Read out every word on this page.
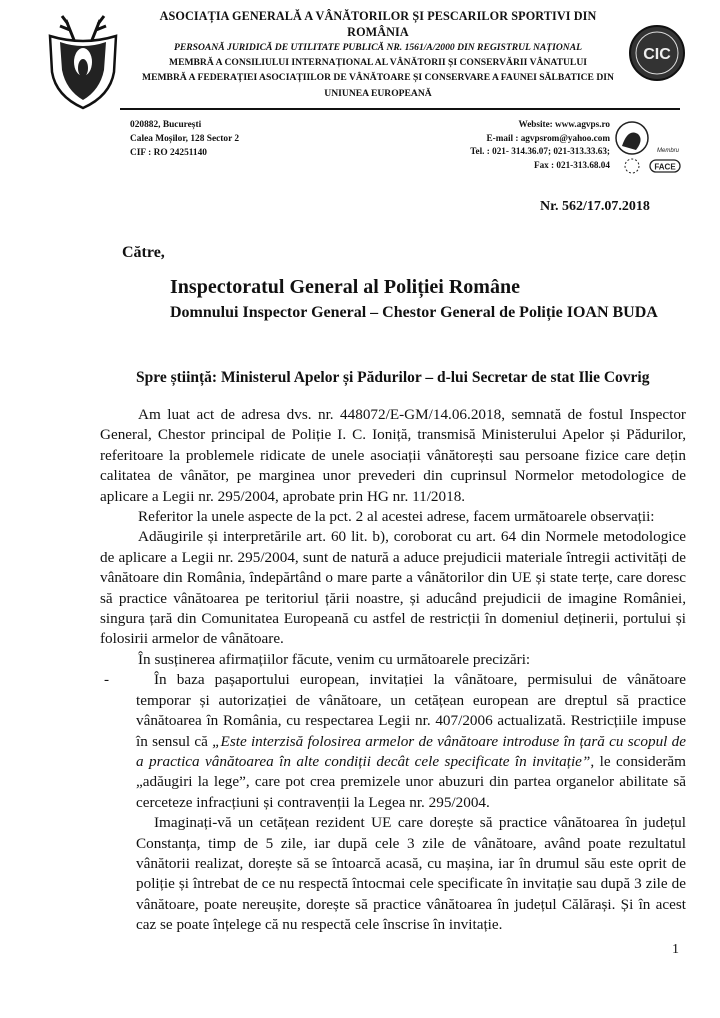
ASOCIAȚIA GENERALĂ A VÂNĂTORILOR ȘI PESCARILOR SPORTIVI DIN
ROMÂNIA
PERSOANĂ JURIDICĂ DE UTILITATE PUBLICĂ NR. 1561/A/2000 DIN REGISTRUL NAȚIONAL
MEMBRĂ A CONSILIULUI INTERNAȚIONAL AL VÂNĂTORII ȘI CONSERVĂRII VÂNATULUI
MEMBRĂ A FEDERAȚIEI ASOCIAȚIILOR DE VÂNĂTOARE ȘI CONSERVARE A FAUNEI SĂLBATICE DIN
UNIUNEA EUROPEANĂ
CIC
020882, București
Calea Moșilor, 128 Sector 2
CIF : RO 24251140
Website: www.agvps.ro
E-mail : agvpsrom@yahoo.com
Tel. : 021- 314.36.07; 021-313.33.63;
Fax : 021-313.68.04	FACE
Membru
Nr. 562/17.07.2018
Către,
Inspectoratul General al Poliției Române
Domnului Inspector General – Chestor General de Poliție IOAN BUDA
Spre știință: Ministerul Apelor și Pădurilor – d-lui Secretar de stat Ilie Covrig

Am luat act de adresa dvs. nr. 448072/E-GM/14.06.2018, semnată de fostul Inspector General, Chestor principal de Poliție I. C. Ioniță, transmisă Ministerului Apelor și Pădurilor, referitoare la problemele ridicate de unele asociații vânătorești sau persoane fizice care dețin calitatea de vânător, pe marginea unor prevederi din cuprinsul Normelor metodologice de aplicare a Legii nr. 295/2004, aprobate prin HG nr. 11/2018.

Referitor la unele aspecte de la pct. 2 al acestei adrese, facem următoarele observații:

Adăugirile și interpretările art. 60 lit. b), coroborat cu art. 64 din Normele metodologice de aplicare a Legii nr. 295/2004, sunt de natură a aduce prejudicii materiale întregii activități de vânătoare din România, îndepărtând o mare parte a vânătorilor din UE și state terțe, care doresc să practice vânătoarea pe teritoriul țării noastre, și aducând prejudicii de imagine României, singura țară din Comunitatea Europeană cu astfel de restricții în domeniul deținerii, portului și folosirii armelor de vânătoare.

În susținerea afirmațiilor făcute, venim cu următoarele precizări:

-	În baza pașaportului european, invitației la vânătoare, permisului de vânătoare temporar și autorizației de vânătoare, un cetățean european are dreptul să practice vânătoarea în România, cu respectarea Legii nr. 407/2006 actualizată. Restricțiile impuse în sensul că „Este interzisă folosirea armelor de vânătoare introduse în țară cu scopul de a practica vânătoarea în alte condiții decât cele specificate în invitație”, le considerăm „adăugiri la lege”, care pot crea premizele unor abuzuri din partea organelor abilitate să cerceteze infracțiuni și contravenții la Legea nr. 295/2004.
Imaginați-vă un cetățean rezident UE care dorește să practice vânătoarea în județul Constanța, timp de 5 zile, iar după cele 3 zile de vânătoare, având poate rezultatul vânătorii realizat, dorește să se întoarcă acasă, cu mașina, iar în drumul său este oprit de poliție și întrebat de ce nu respectă întocmai cele specificate în invitație sau după 3 zile de vânătoare, poate nereușite, dorește să practice vânătoarea în județul Călărași. Și în acest caz se poate înțelege că nu respectă cele înscrise în invitație.
1
